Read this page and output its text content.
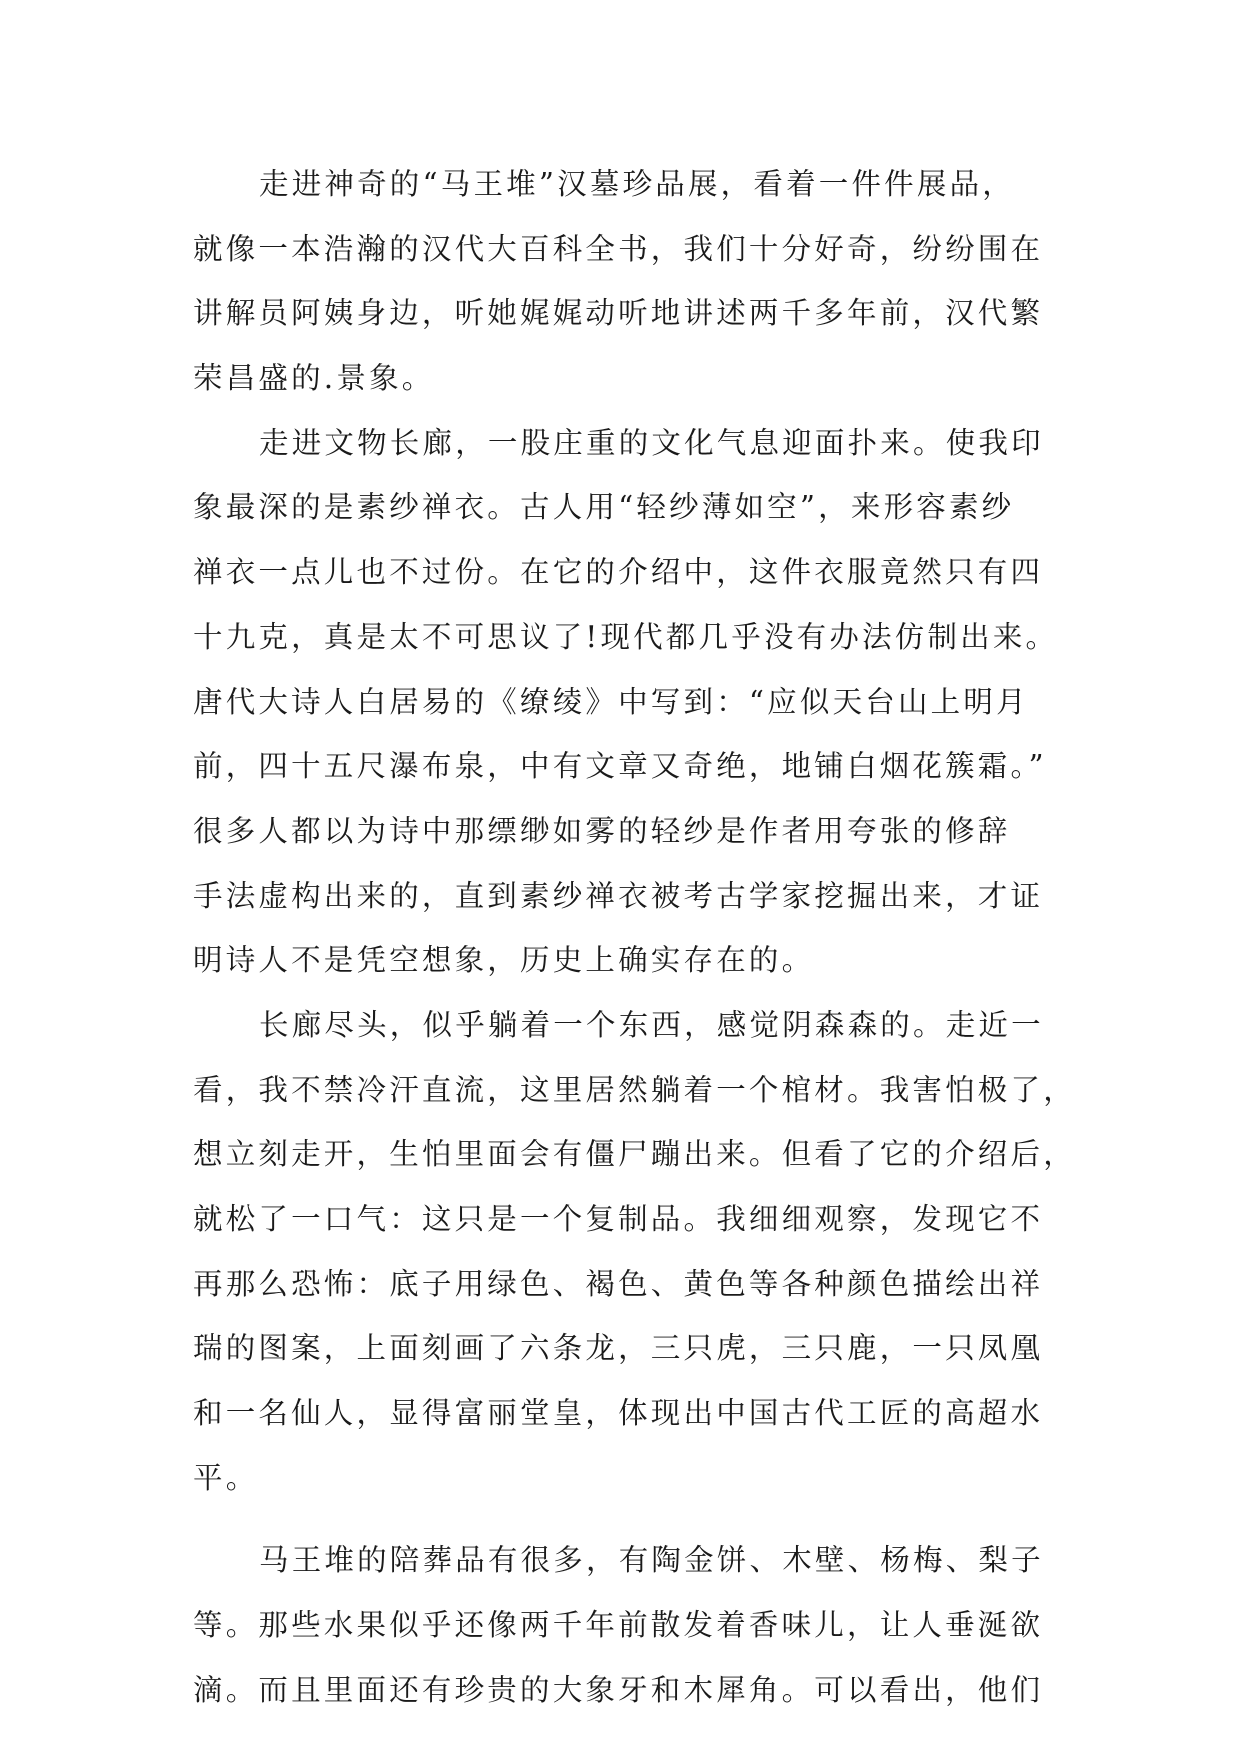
走进神奇的“马王堆”汉墓珍品展，看着一件件展品，
就像一本浩瀚的汉代大百科全书，我们十分好奇，纷纷围在
讲解员阿姨身边，听她娓娓动听地讲述两千多年前，汉代繁
荣昌盛的.景象。
走进文物长廊，一股庄重的文化气息迎面扑来。使我印
象最深的是素纱禅衣。古人用“轻纱薄如空”，来形容素纱
禅衣一点儿也不过份。在它的介绍中，这件衣服竟然只有四
十九克，真是太不可思议了!现代都几乎没有办法仿制出来。
唐代大诗人白居易的《缭绫》中写到：“应似天台山上明月
前，四十五尺瀑布泉，中有文章又奇绝，地铺白烟花簇霜。”
很多人都以为诗中那缥缈如雾的轻纱是作者用夸张的修辞
手法虚构出来的，直到素纱禅衣被考古学家挖掘出来，才证
明诗人不是凭空想象，历史上确实存在的。
长廊尽头，似乎躺着一个东西，感觉阴森森的。走近一
看，我不禁冷汗直流，这里居然躺着一个棺材。我害怕极了，
想立刻走开，生怕里面会有僵尸蹦出来。但看了它的介绍后，
就松了一口气：这只是一个复制品。我细细观察，发现它不
再那么恐怖：底子用绿色、褐色、黄色等各种颜色描绘出祥
瑞的图案，上面刻画了六条龙，三只虎，三只鹿，一只凤凰
和一名仙人，显得富丽堂皇，体现出中国古代工匠的高超水
平。
马王堆的陪葬品有很多，有陶金饼、木壁、杨梅、梨子
等。那些水果似乎还像两千年前散发着香味儿，让人垂涎欲
滴。而且里面还有珍贵的大象牙和木犀角。可以看出，他们
